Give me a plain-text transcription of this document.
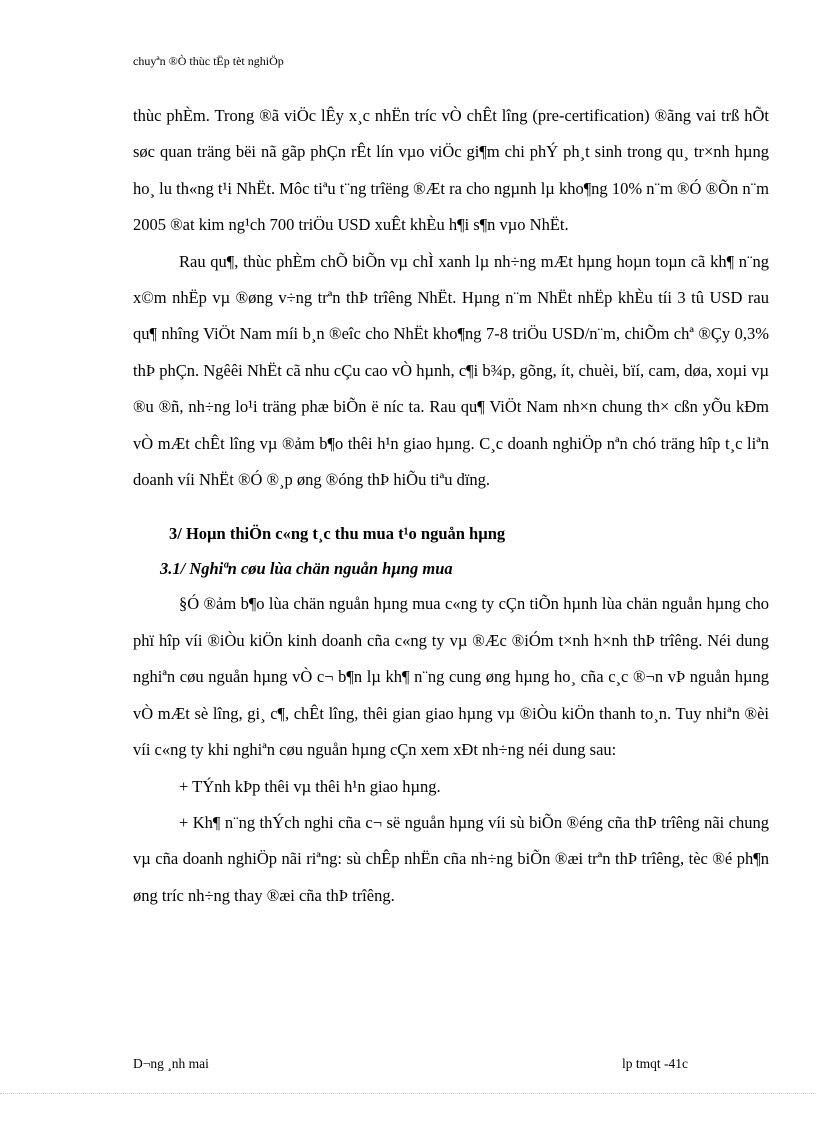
chuyªn ®Ò thùc tËp tèt nghiÖp

thùc phÈm. Trong ®ã viÖc lÊy x¸c nhËn tríc vÒ chÊt lîng (pre-certification) ®ãng vai trß hÕt søc quan träng bëi nã gãp phÇn rÊt lín vµo viÖc gi¶m chi phÝ ph¸t sinh trong qu¸ tr×nh hµng ho¸ lu th«ng t¹i NhËt. Môc tiªu t¨ng trîëng ®Æt ra cho ngµnh lµ kho¶ng 10% n¨m ®Ó ®Õn n¨m 2005 ®at kim ng¹ch 700 triÖu USD xuÊt khÈu h¶i s¶n vµo NhËt.

Rau qu¶, thùc phÈm chÕ biÕn vµ chÌ xanh lµ nh÷ng mÆt hµng hoµn toµn cã kh¶ n¨ng x©m nhËp vµ ®øng v÷ng trªn thÞ trîêng NhËt. Hµng n¨m NhËt nhËp khÈu tíi 3 tû USD rau qu¶ nhîng ViÖt Nam míi b¸n ®eîc cho NhËt kho¶ng 7-8 triÖu USD/n¨m, chiÕm chª ®Çy 0,3% thÞ phÇn. Ngêêi NhËt cã nhu cÇu cao vÒ hµnh, c¶i b¾p, gõng, ít, chuèi, bïí, cam, døa, xoµi vµ ®u ®ñ, nh÷ng lo¹i träng phæ biÕn ë níc ta. Rau qu¶ ViÖt Nam nh×n chung th× cßn yÕu kÐm vÒ mÆt chÊt lîng vµ ®ảm b¶o thêi h¹n giao hµng. C¸c doanh nghiÖp nªn chó träng hîp t¸c liªn doanh víi NhËt ®Ó ®¸p øng ®óng thÞ hiÕu tiªu dïng.

3/ Hoµn thiÖn c«ng t¸c thu mua t¹o nguån hµng

3.1/ Nghiªn cøu lùa chän nguån hµng mua

§Ó ®ảm b¶o lùa chän nguån hµng mua c«ng ty cÇn tiÕn hµnh lùa chän nguån hµng cho phï hîp víi ®iÒu kiÖn kinh doanh cña c«ng ty vµ ®Æc ®iÓm t×nh h×nh thÞ trîêng. Néi dung nghiªn cøu nguån hµng vÒ c¬ b¶n lµ kh¶ n¨ng cung øng hµng ho¸ cña c¸c ®¬n vÞ nguån hµng vÒ mÆt sè lîng, gi¸ c¶, chÊt lîng, thêi gian giao hµng vµ ®iÒu kiÖn thanh to¸n. Tuy nhiªn ®èi víi c«ng ty khi nghiªn cøu nguån hµng cÇn xem xÐt nh÷ng néi dung sau:

+ TÝnh kÞp thêi vµ thêi h¹n giao hµng.

+ Kh¶ n¨ng thÝch nghi cña c¬ së nguån hµng víi sù biÕn ®éng cña thÞ trîêng nãi chung vµ cña doanh nghiÖp nãi riªng: sù chÊp nhËn cña nh÷ng biÕn ®æi trªn thÞ trîêng, tèc ®é ph¶n øng tríc nh÷ng thay ®æi cña thÞ trîêng.

D¬ng ¸nh mai	lp tmqt -41c
